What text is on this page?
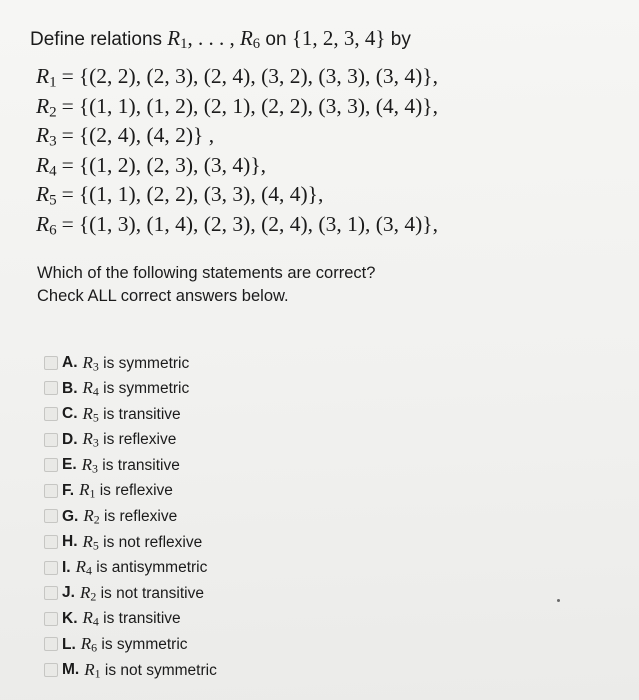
Define relations $R_1$, . . . , $R_6$ on {1, 2, 3, 4} by
$R_1 = \{(2$, 2), (2, 3), (2, 4), (3, 2), (3, 3), (3, 4)},
$R_2 = \{(1$, 1), (1, 2), (2, 1), (2, 2), (3, 3), (4, 4)},
$R_3 = \{(2$, 4), (4, 2)} ,
$R_4 = \{(1$, 2), (2, 3), (3, 4)},
$R_5 = \{(1$, 1), (2, 2), (3, 3), (4, 4)},
$R_6 = \{(1$, 3), (1, 4), (2, 3), (2, 4), (3, 1), (3, 4)},
Which of the following statements are correct?
Check ALL correct answers below.
A. $R_3$ is symmetric
B. $R_4$ is symmetric
C. $R_5$ is transitive
D. $R_3$ is reflexive
E. $R_3$ is transitive
F. $R_1$ is reflexive
G. $R_2$ is reflexive
H. $R_5$ is not reflexive
I. $R_4$ is antisymmetric
J. $R_2$ is not transitive
K. $R_4$ is transitive
L. $R_6$ is symmetric
M. $R_1$ is not symmetric
